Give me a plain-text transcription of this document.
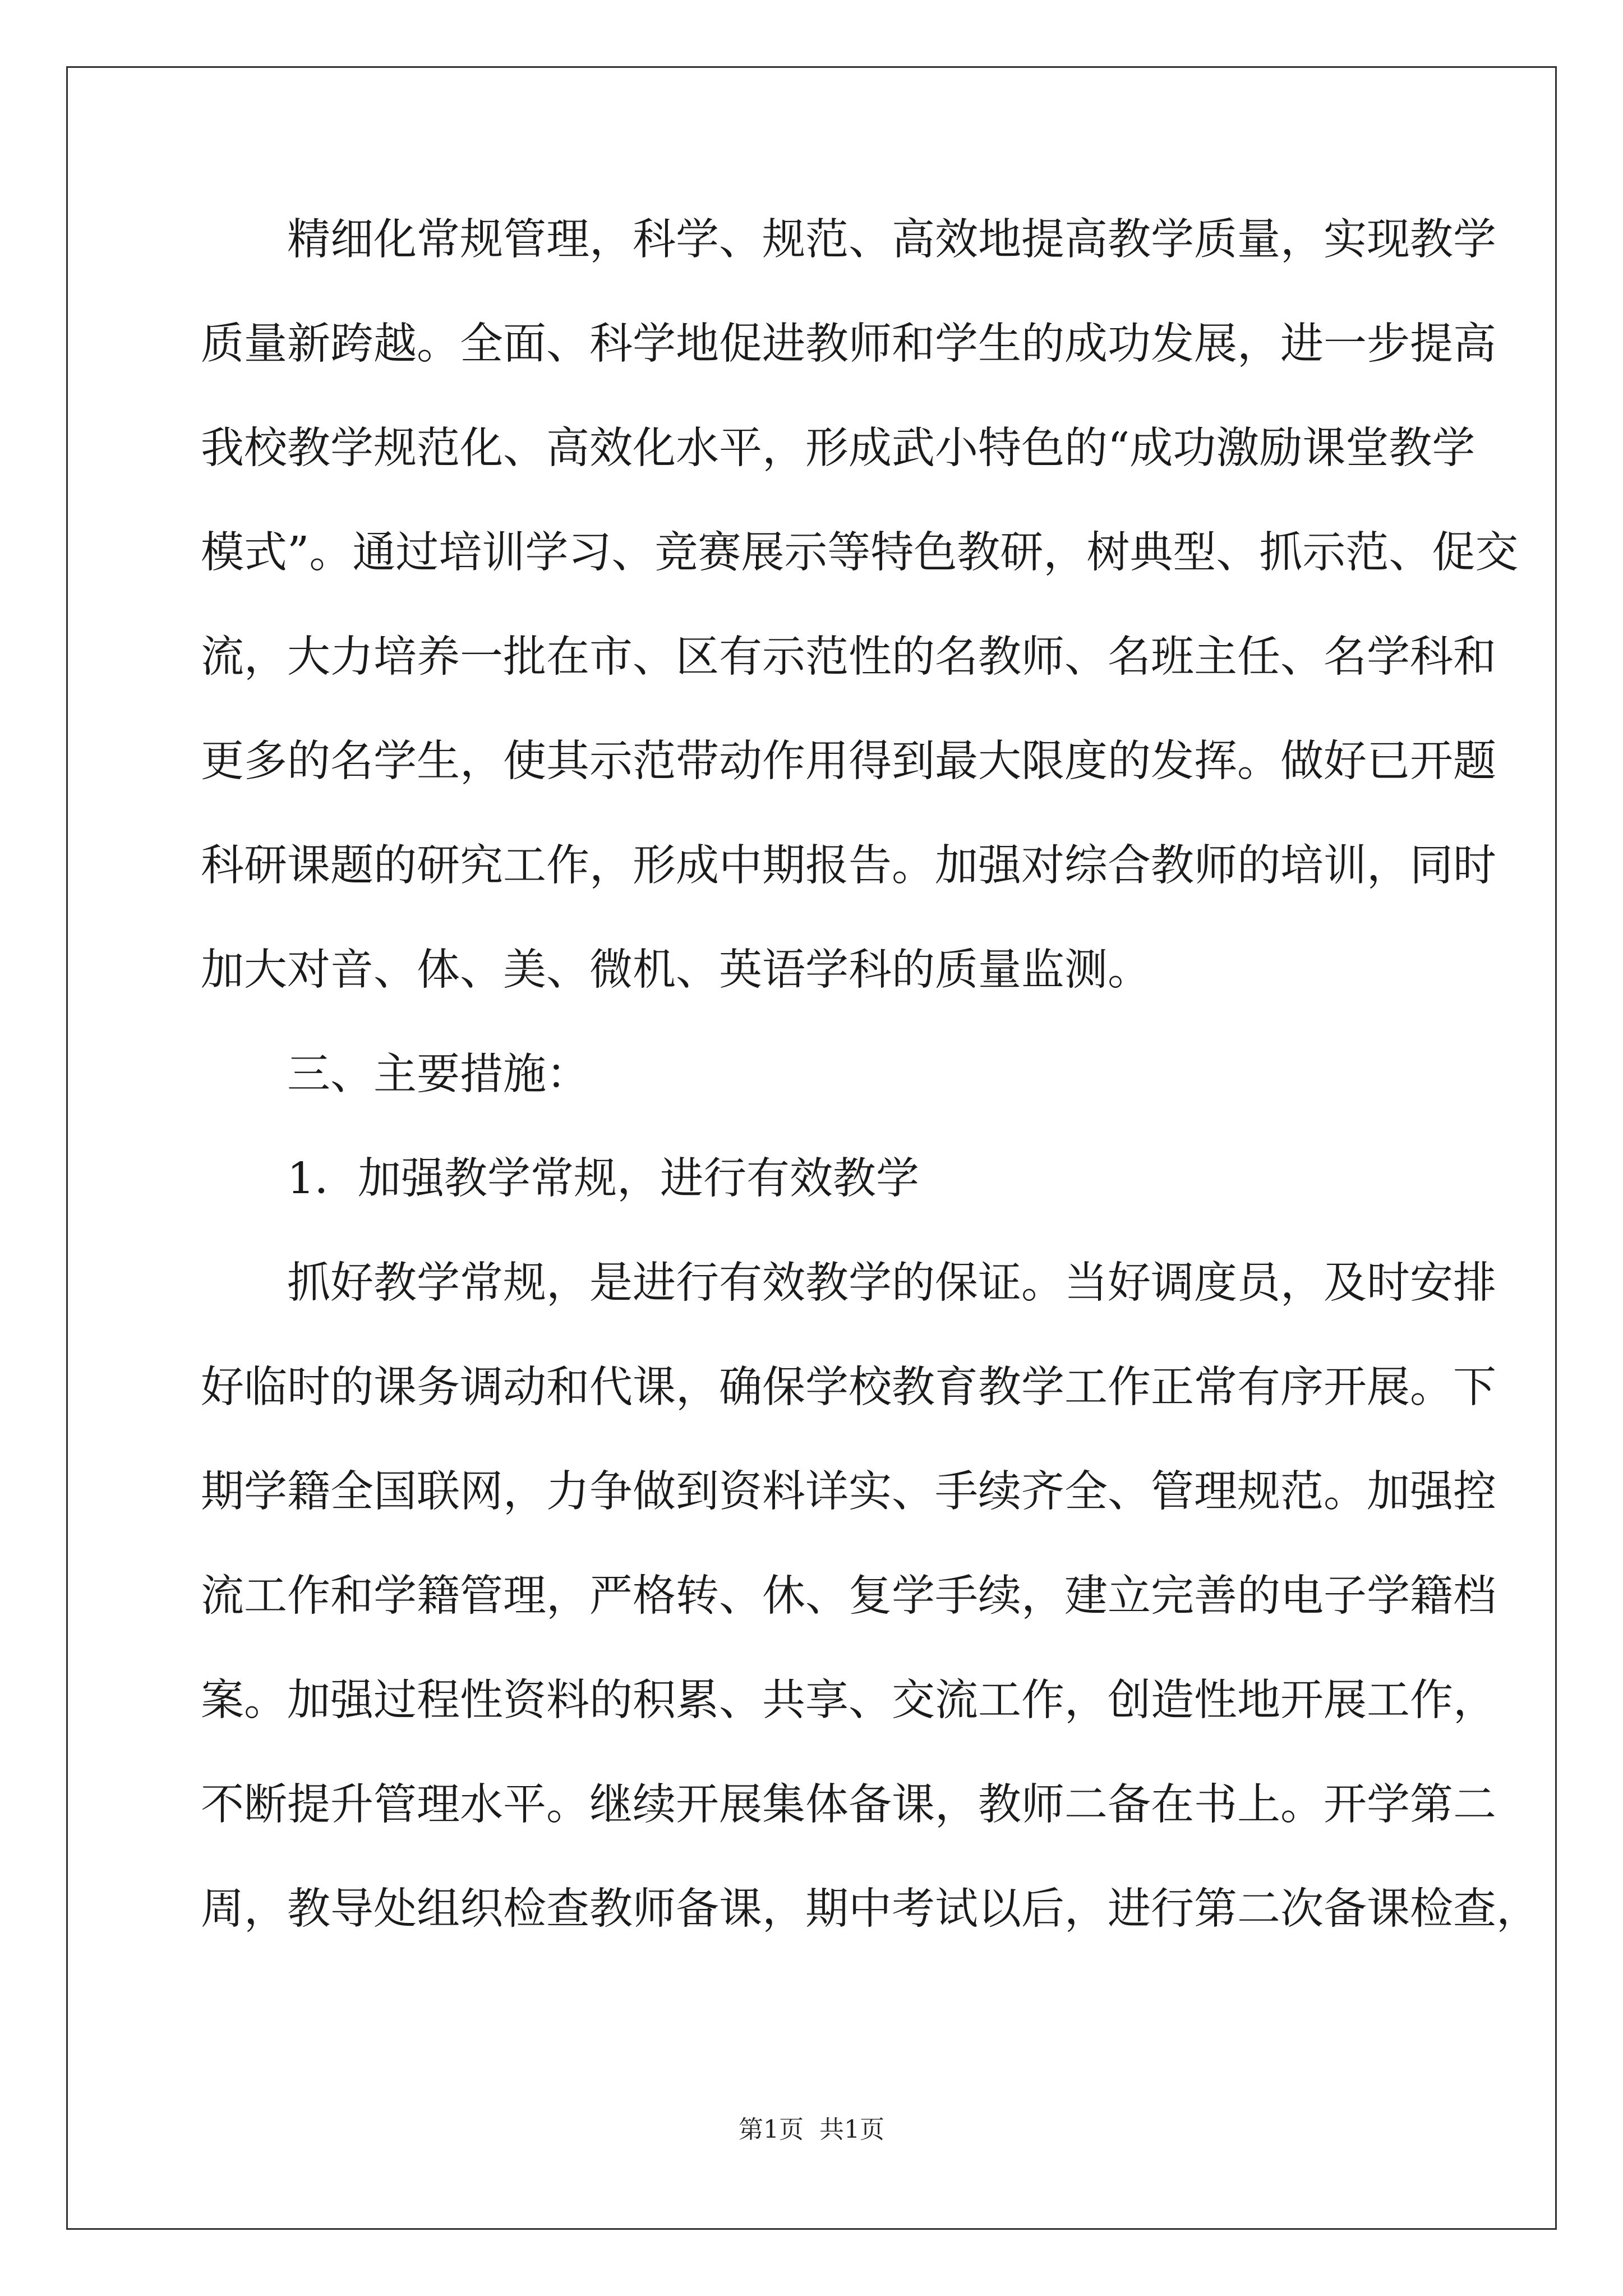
精细化常规管理，科学、规范、高效地提高教学质量，实现教学
质量新跨越。全面、科学地促进教师和学生的成功发展，进一步提高
我校教学规范化、高效化水平，形成武小特色的“成功激励课堂教学
模式”。通过培训学习、竞赛展示等特色教研，树典型、抓示范、促交
流，大力培养一批在市、区有示范性的名教师、名班主任、名学科和
更多的名学生，使其示范带动作用得到最大限度的发挥。做好已开题
科研课题的研究工作，形成中期报告。加强对综合教师的培训，同时
加大对音、体、美、微机、英语学科的质量监测。
三、主要措施：
1．加强教学常规，进行有效教学
抓好教学常规，是进行有效教学的保证。当好调度员，及时安排
好临时的课务调动和代课，确保学校教育教学工作正常有序开展。下
期学籍全国联网，力争做到资料详实、手续齐全、管理规范。加强控
流工作和学籍管理，严格转、休、复学手续，建立完善的电子学籍档
案。加强过程性资料的积累、共享、交流工作，创造性地开展工作，
不断提升管理水平。继续开展集体备课，教师二备在书上。开学第二
周，教导处组织检查教师备课，期中考试以后，进行第二次备课检查，
第1页 共1页
